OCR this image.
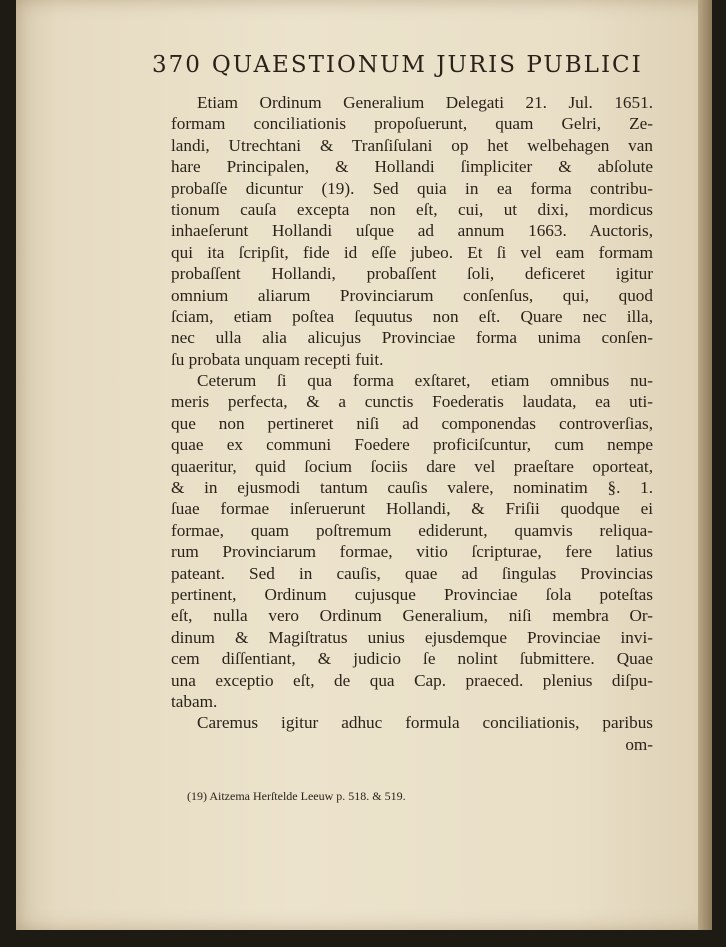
370 QUAESTIONUM JURIS PUBLICI
Etiam Ordinum Generalium Delegati 21. Jul. 1651.
formam conciliationis propoſuerunt, quam Gelri, Ze-
landi, Utrechtani & Tranſiſulani op het welbehagen van
hare Principalen, & Hollandi ſimpliciter & abſolute
probaſſe dicuntur (19). Sed quia in ea forma contribu-
tionum cauſa excepta non eſt, cui, ut dixi, mordicus
inhaeſerunt Hollandi uſque ad annum 1663. Auctoris,
qui ita ſcripſit, fide id eſſe jubeo. Et ſi vel eam formam
probaſſent Hollandi, probaſſent ſoli, deficeret igitur
omnium aliarum Provinciarum conſenſus, qui, quod
ſciam, etiam poſtea ſequutus non eſt. Quare nec illa,
nec ulla alia alicujus Provinciae forma unima conſen-
ſu probata unquam recepti fuit.
Ceterum ſi qua forma exſtaret, etiam omnibus nu-
meris perfecta, & a cunctis Foederatis laudata, ea uti-
que non pertineret niſi ad componendas controverſias,
quae ex communi Foedere proficiſcuntur, cum nempe
quaeritur, quid ſocium ſociis dare vel praeſtare oporteat,
& in ejusmodi tantum cauſis valere, nominatim §. 1.
ſuae formae inſeruerunt Hollandi, & Friſii quodque ei
formae, quam poſtremum ediderunt, quamvis reliqua-
rum Provinciarum formae, vitio ſcripturae, fere latius
pateant. Sed in cauſis, quae ad ſingulas Provincias
pertinent, Ordinum cujusque Provinciae ſola poteſtas
eſt, nulla vero Ordinum Generalium, niſi membra Or-
dinum & Magiſtratus unius ejusdemque Provinciae invi-
cem diſſentiant, & judicio ſe nolint ſubmittere. Quae
una exceptio eſt, de qua Cap. praeced. plenius diſpu-
tabam.
Caremus igitur adhuc formula conciliationis, paribus
om-
(19) Aitzema Herſtelde Leeuw p. 518. & 519.
